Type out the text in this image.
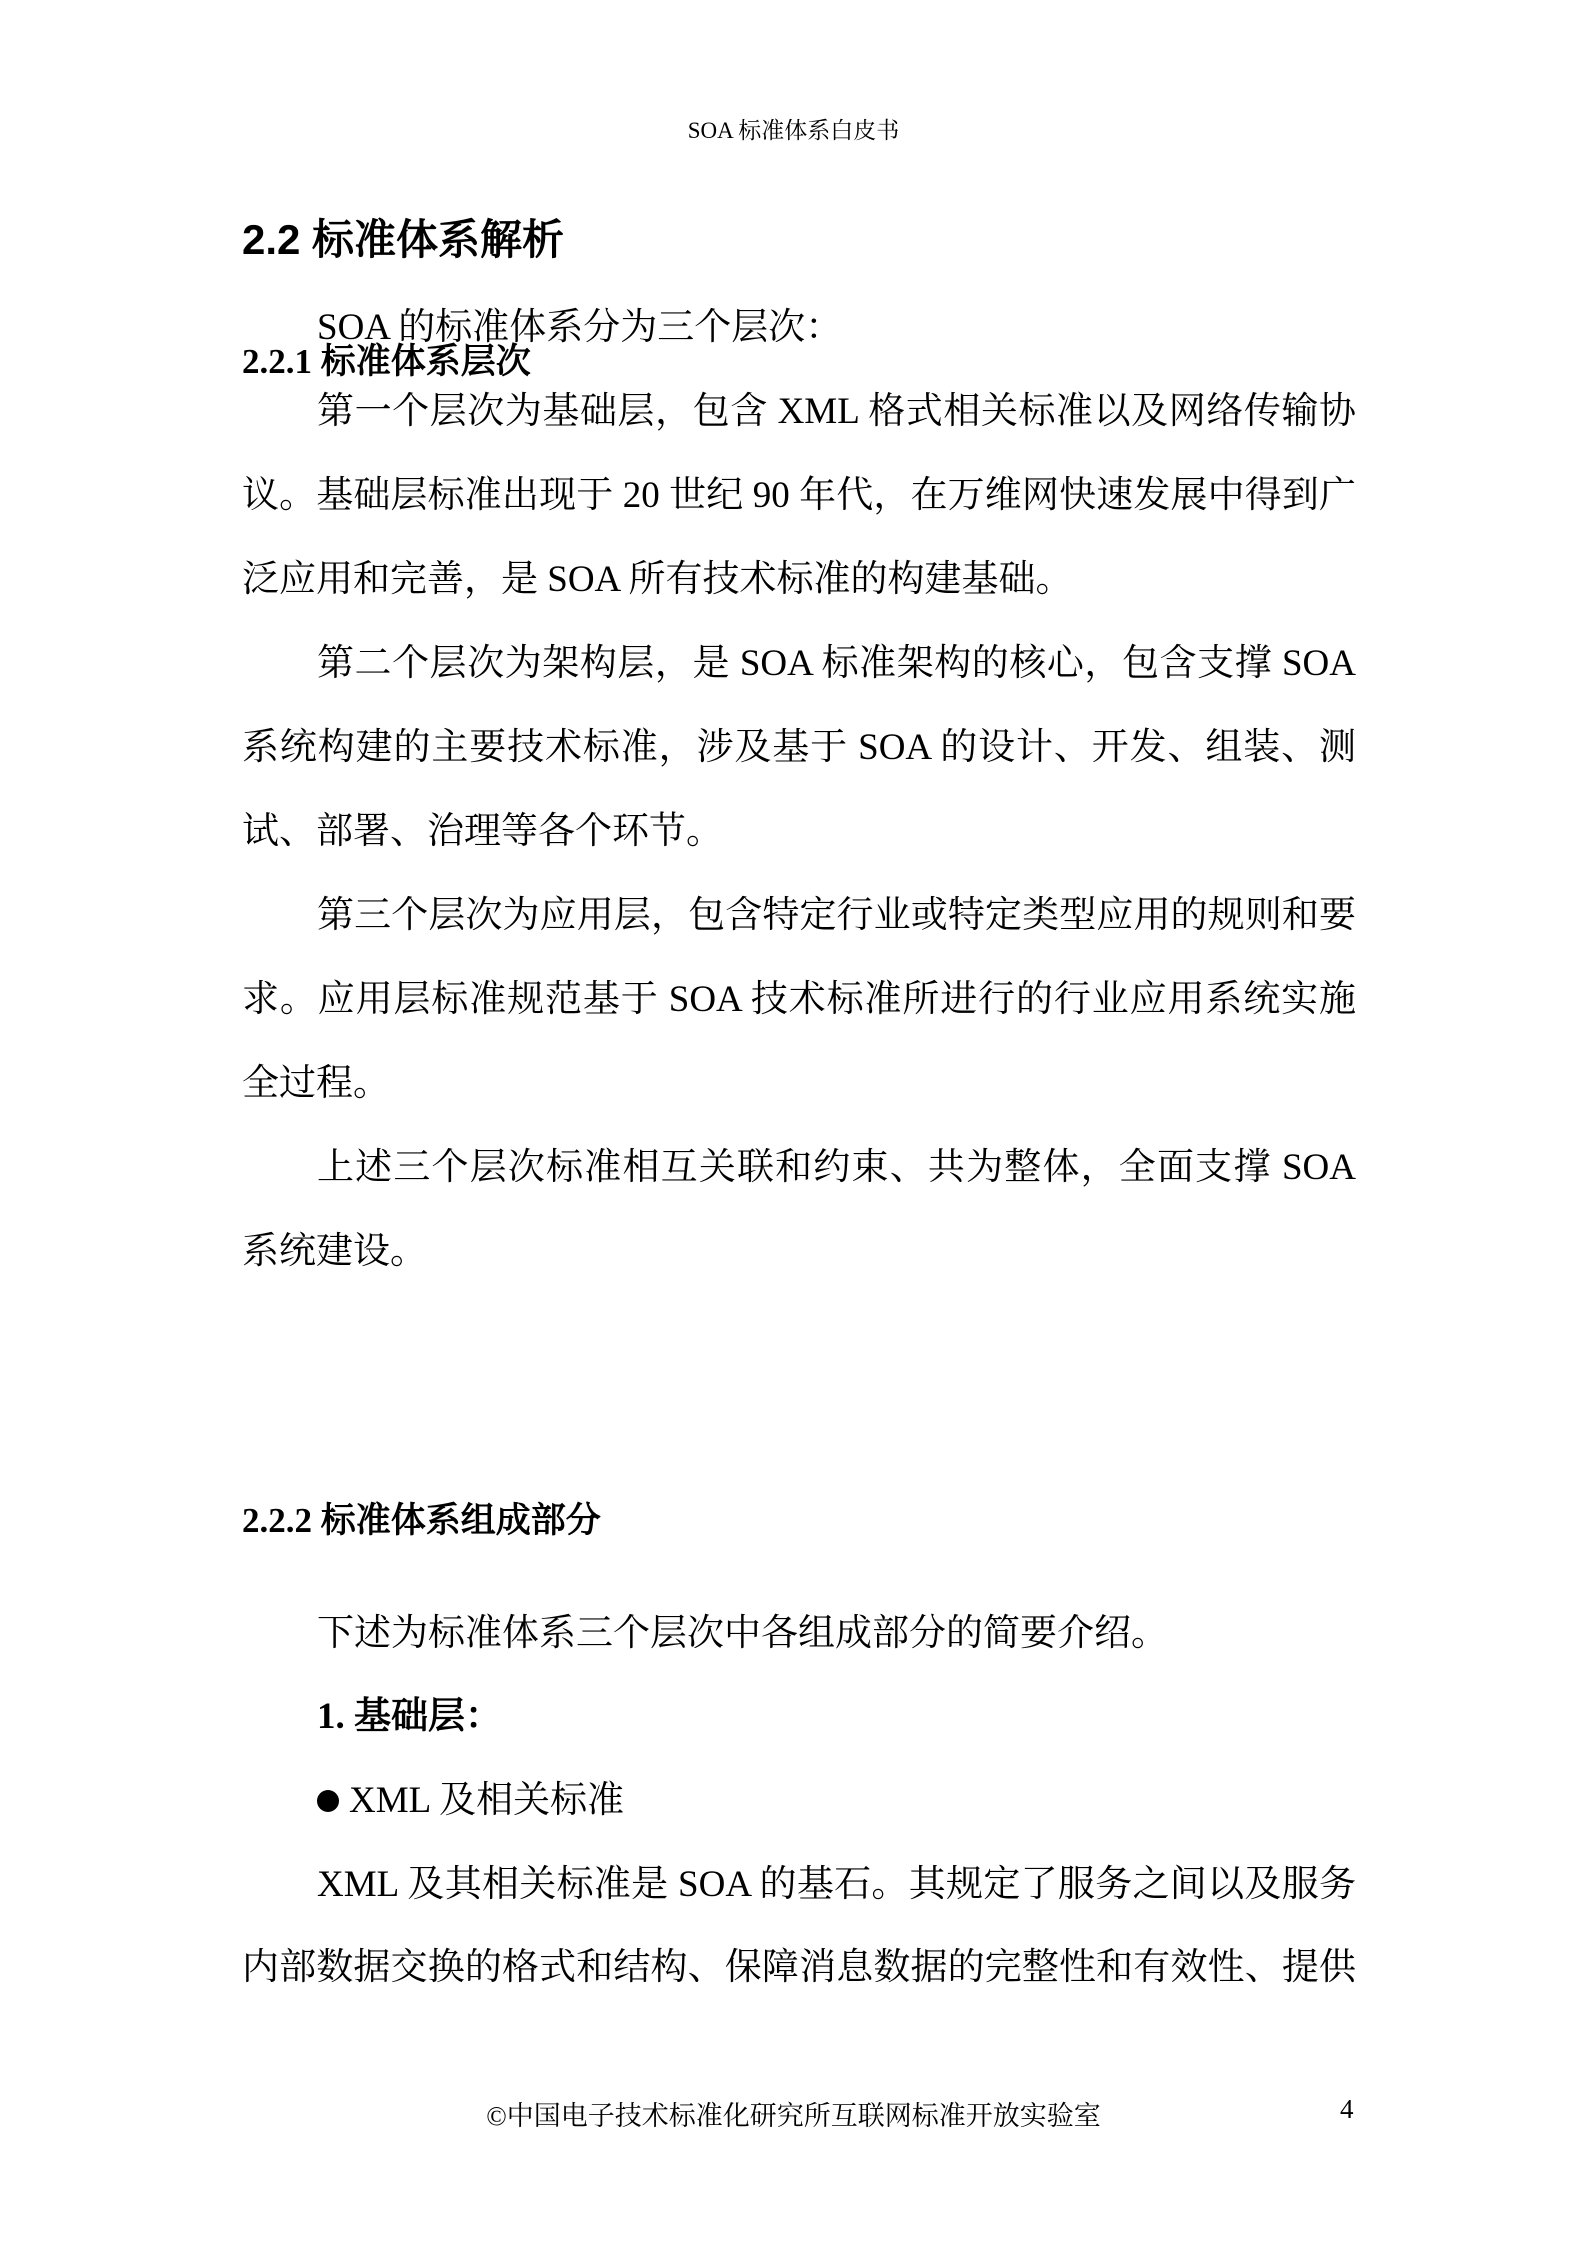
SOA 标准体系白皮书
2.2 标准体系解析
2.2.1 标准体系层次
SOA 的标准体系分为三个层次：
第一个层次为基础层，包含 XML 格式相关标准以及网络传输协
议。基础层标准出现于 20 世纪 90 年代，在万维网快速发展中得到广
泛应用和完善，是 SOA 所有技术标准的构建基础。
第二个层次为架构层，是 SOA 标准架构的核心，包含支撑 SOA
系统构建的主要技术标准，涉及基于 SOA 的设计、开发、组装、测
试、部署、治理等各个环节。
第三个层次为应用层，包含特定行业或特定类型应用的规则和要
求。应用层标准规范基于 SOA 技术标准所进行的行业应用系统实施
全过程。
上述三个层次标准相互关联和约束、共为整体，全面支撑 SOA
系统建设。
2.2.2 标准体系组成部分
下述为标准体系三个层次中各组成部分的简要介绍。
1. 基础层：
XML 及相关标准
XML 及其相关标准是 SOA 的基石。其规定了服务之间以及服务
内部数据交换的格式和结构、保障消息数据的完整性和有效性、提供
©中国电子技术标准化研究所互联网标准开放实验室	4
